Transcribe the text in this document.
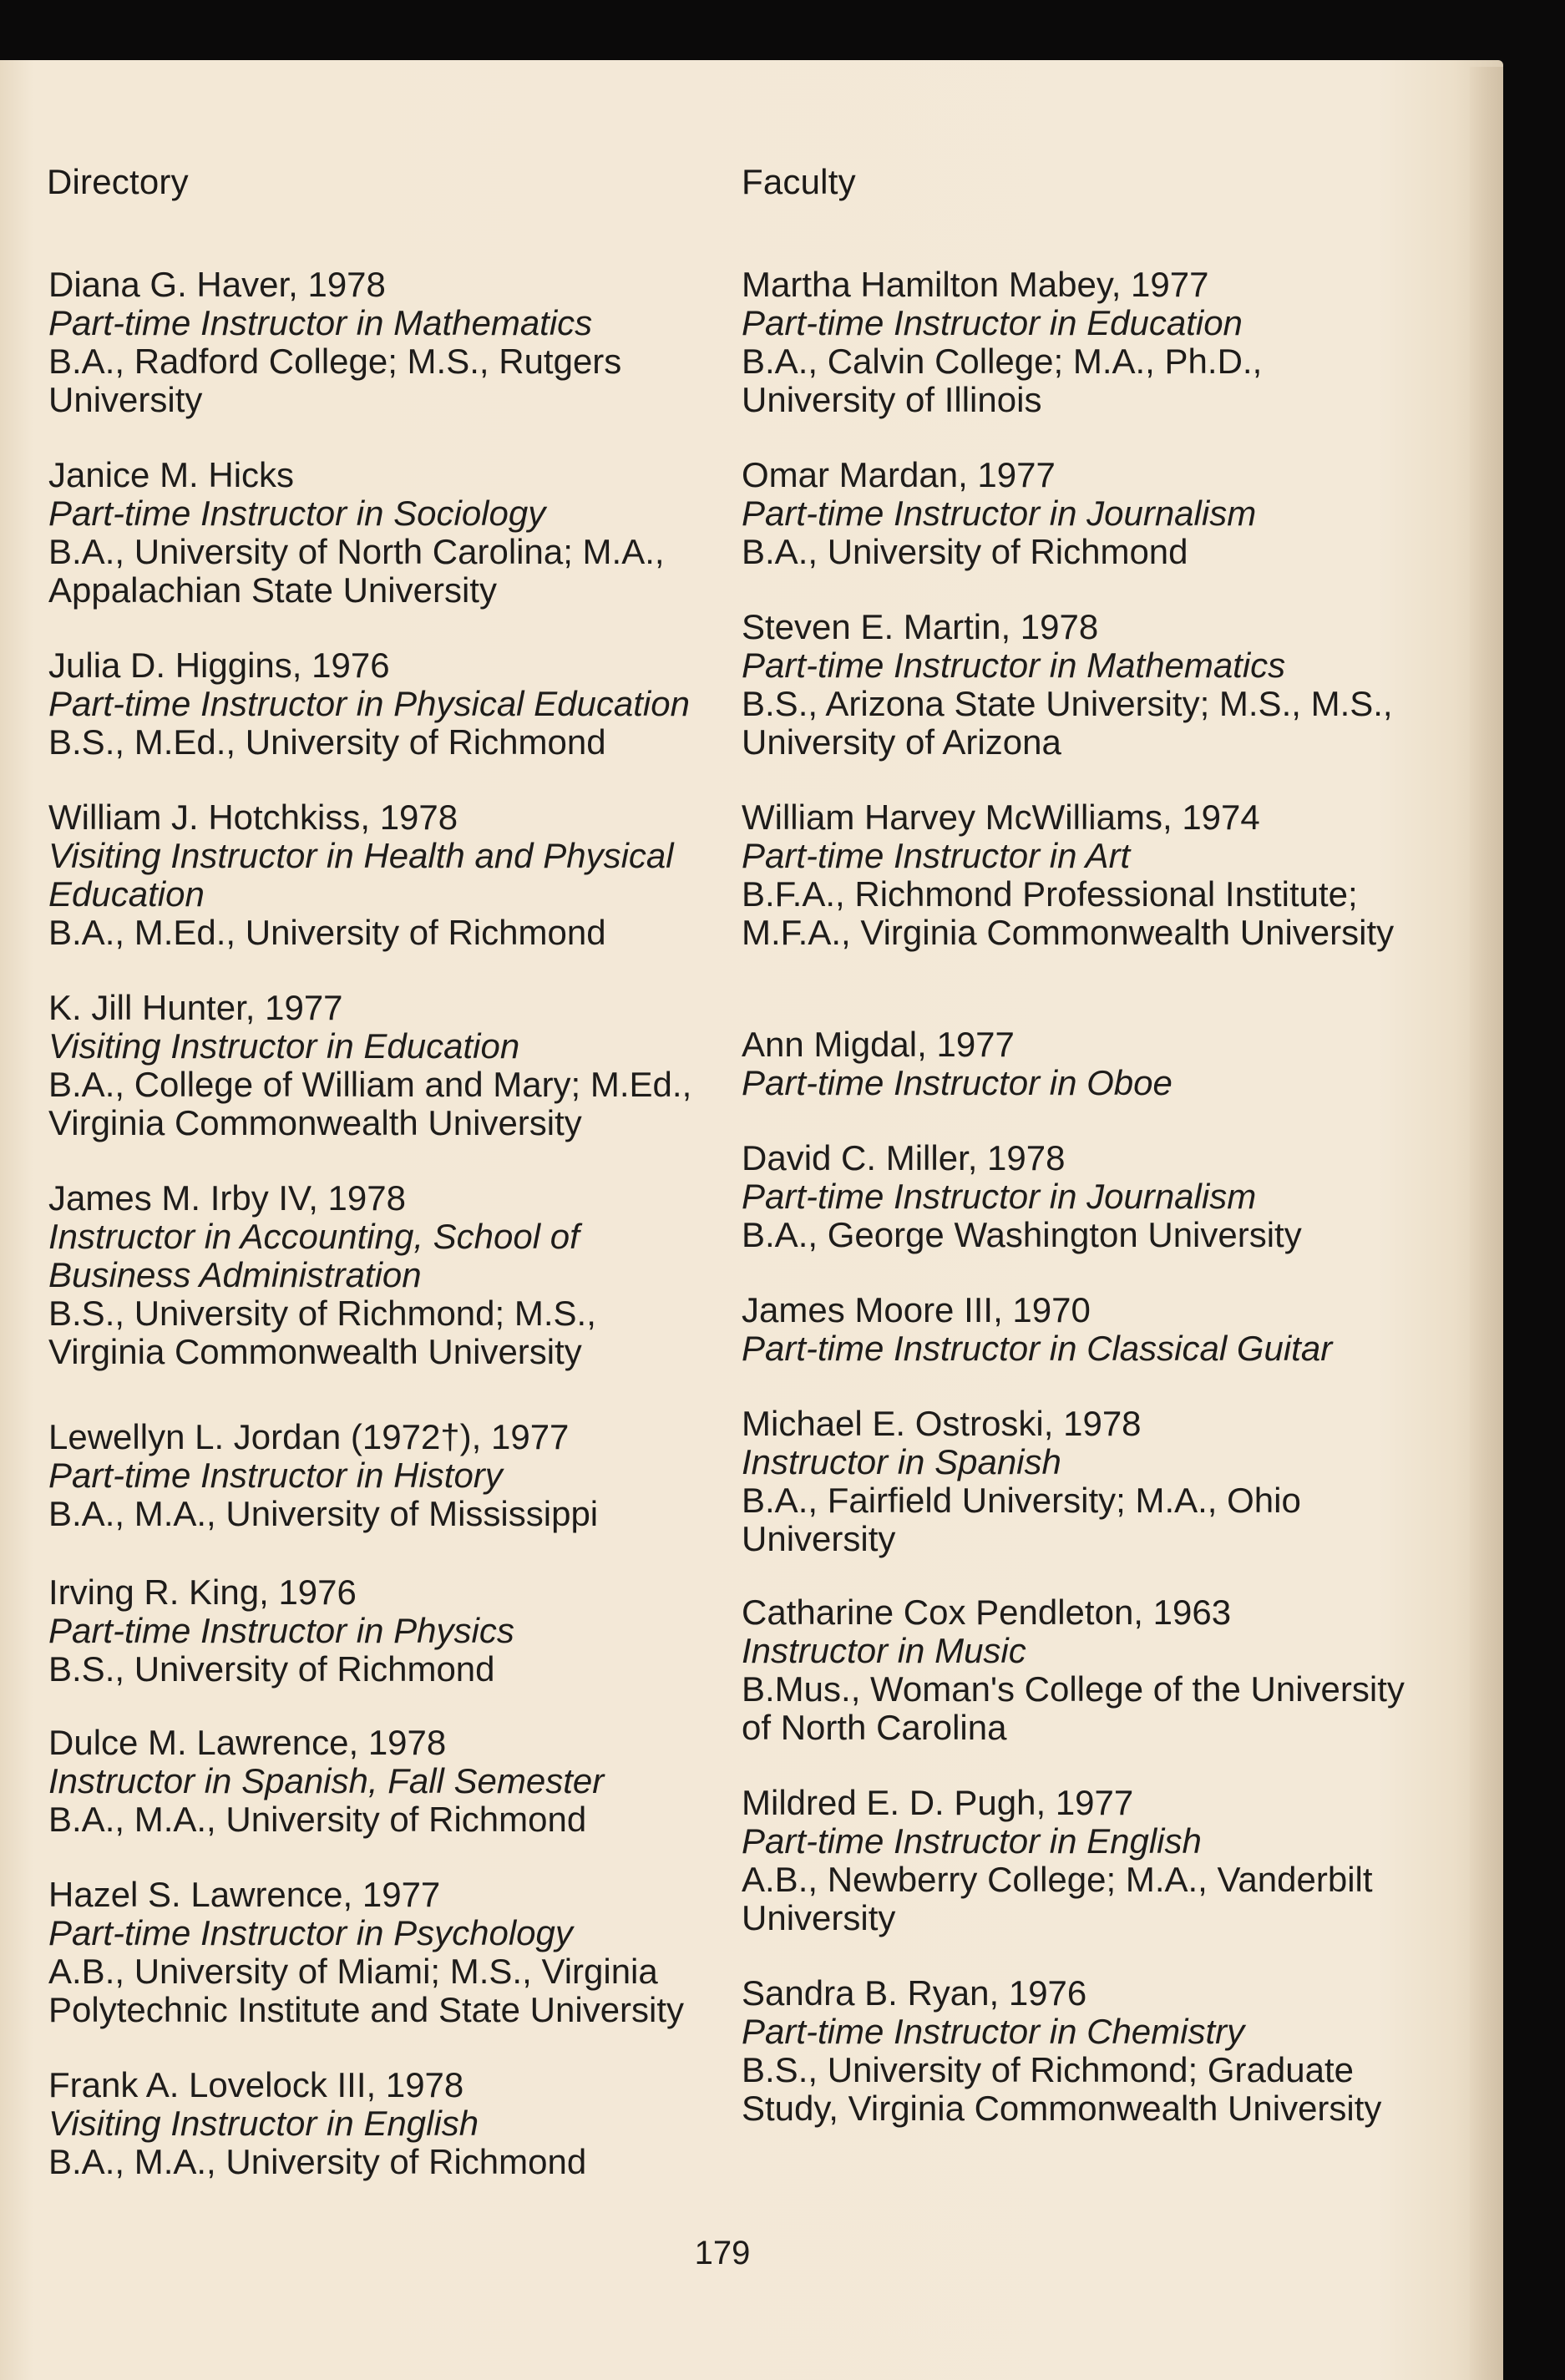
Directory	Faculty
Diana G. Haver, 1978
Part-time Instructor in Mathematics
B.A., Radford College; M.S., Rutgers University
Janice M. Hicks
Part-time Instructor in Sociology
B.A., University of North Carolina; M.A., Appalachian State University
Julia D. Higgins, 1976
Part-time Instructor in Physical Education
B.S., M.Ed., University of Richmond
William J. Hotchkiss, 1978
Visiting Instructor in Health and Physical Education
B.A., M.Ed., University of Richmond
K. Jill Hunter, 1977
Visiting Instructor in Education
B.A., College of William and Mary; M.Ed., Virginia Commonwealth University
James M. Irby IV, 1978
Instructor in Accounting, School of Business Administration
B.S., University of Richmond; M.S., Virginia Commonwealth University
Lewellyn L. Jordan (1972†), 1977
Part-time Instructor in History
B.A., M.A., University of Mississippi
Irving R. King, 1976
Part-time Instructor in Physics
B.S., University of Richmond
Dulce M. Lawrence, 1978
Instructor in Spanish, Fall Semester
B.A., M.A., University of Richmond
Hazel S. Lawrence, 1977
Part-time Instructor in Psychology
A.B., University of Miami; M.S., Virginia Polytechnic Institute and State University
Frank A. Lovelock III, 1978
Visiting Instructor in English
B.A., M.A., University of Richmond
Martha Hamilton Mabey, 1977
Part-time Instructor in Education
B.A., Calvin College; M.A., Ph.D., University of Illinois
Omar Mardan, 1977
Part-time Instructor in Journalism
B.A., University of Richmond
Steven E. Martin, 1978
Part-time Instructor in Mathematics
B.S., Arizona State University; M.S., M.S., University of Arizona
William Harvey McWilliams, 1974
Part-time Instructor in Art
B.F.A., Richmond Professional Institute; M.F.A., Virginia Commonwealth University
Ann Migdal, 1977
Part-time Instructor in Oboe
David C. Miller, 1978
Part-time Instructor in Journalism
B.A., George Washington University
James Moore III, 1970
Part-time Instructor in Classical Guitar
Michael E. Ostroski, 1978
Instructor in Spanish
B.A., Fairfield University; M.A., Ohio University
Catharine Cox Pendleton, 1963
Instructor in Music
B.Mus., Woman's College of the University of North Carolina
Mildred E. D. Pugh, 1977
Part-time Instructor in English
A.B., Newberry College; M.A., Vanderbilt University
Sandra B. Ryan, 1976
Part-time Instructor in Chemistry
B.S., University of Richmond; Graduate Study, Virginia Commonwealth University
179
